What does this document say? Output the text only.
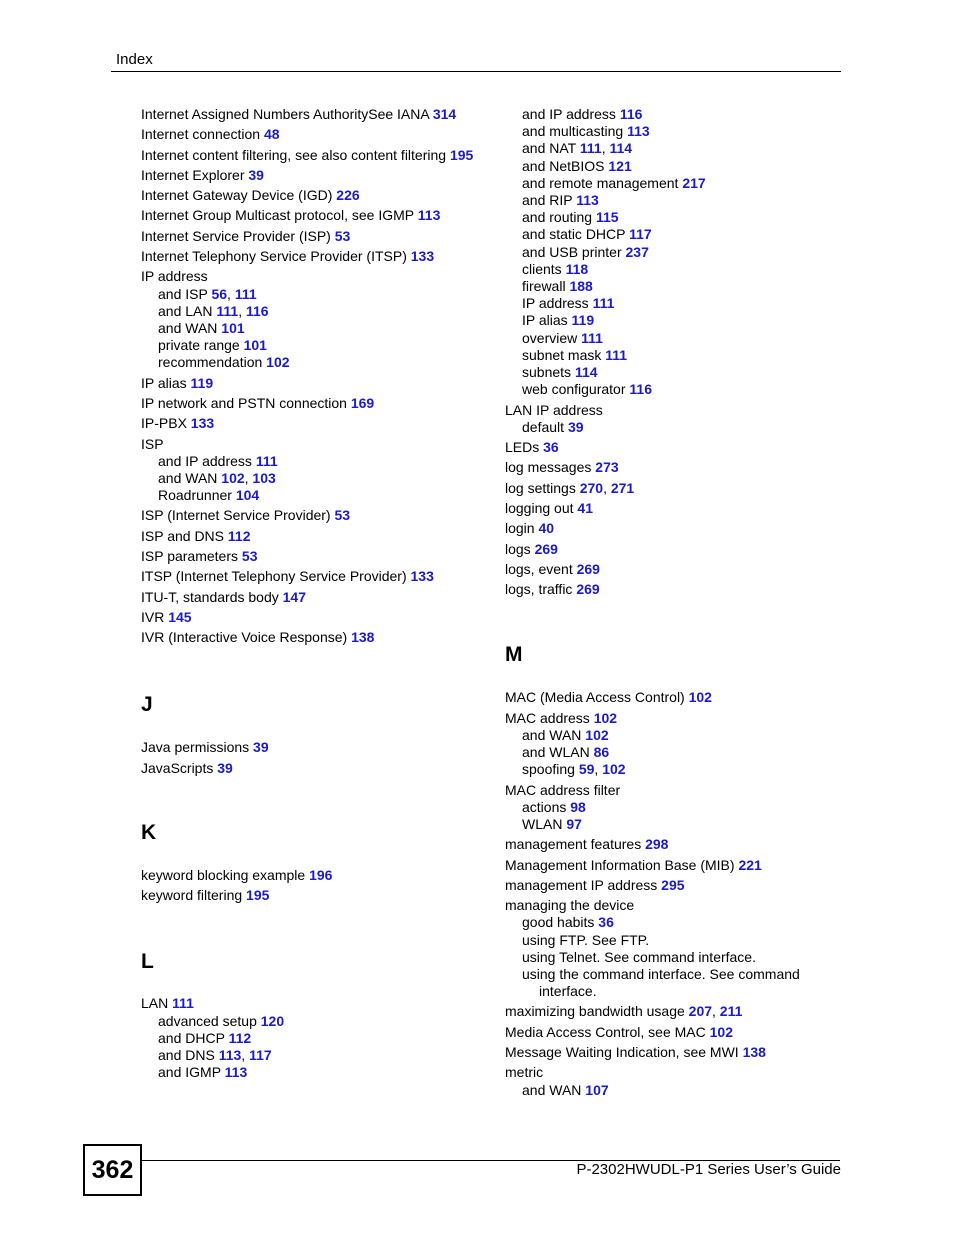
Index
Internet Assigned Numbers AuthoritySee IANA 314
Internet connection 48
Internet content filtering, see also content filtering 195
Internet Explorer 39
Internet Gateway Device (IGD) 226
Internet Group Multicast protocol, see IGMP 113
Internet Service Provider (ISP) 53
Internet Telephony Service Provider (ITSP) 133
IP address
and ISP 56, 111
and LAN 111, 116
and WAN 101
private range 101
recommendation 102
IP alias 119
IP network and PSTN connection 169
IP-PBX 133
ISP
and IP address 111
and WAN 102, 103
Roadrunner 104
ISP (Internet Service Provider) 53
ISP and DNS 112
ISP parameters 53
ITSP (Internet Telephony Service Provider) 133
ITU-T, standards body 147
IVR 145
IVR (Interactive Voice Response) 138
J
Java permissions 39
JavaScripts 39
K
keyword blocking example 196
keyword filtering 195
L
LAN 111
advanced setup 120
and DHCP 112
and DNS 113, 117
and IGMP 113
and IP address 116
and multicasting 113
and NAT 111, 114
and NetBIOS 121
and remote management 217
and RIP 113
and routing 115
and static DHCP 117
and USB printer 237
clients 118
firewall 188
IP address 111
IP alias 119
overview 111
subnet mask 111
subnets 114
web configurator 116
LAN IP address
default 39
LEDs 36
log messages 273
log settings 270, 271
logging out 41
login 40
logs 269
logs, event 269
logs, traffic 269
M
MAC (Media Access Control) 102
MAC address 102
and WAN 102
and WLAN 86
spoofing 59, 102
MAC address filter
actions 98
WLAN 97
management features 298
Management Information Base (MIB) 221
management IP address 295
managing the device
good habits 36
using FTP. See FTP.
using Telnet. See command interface.
using the command interface. See command
interface.
maximizing bandwidth usage 207, 211
Media Access Control, see MAC 102
Message Waiting Indication, see MWI 138
metric
and WAN 107
362	P-2302HWUDL-P1 Series User’s Guide
